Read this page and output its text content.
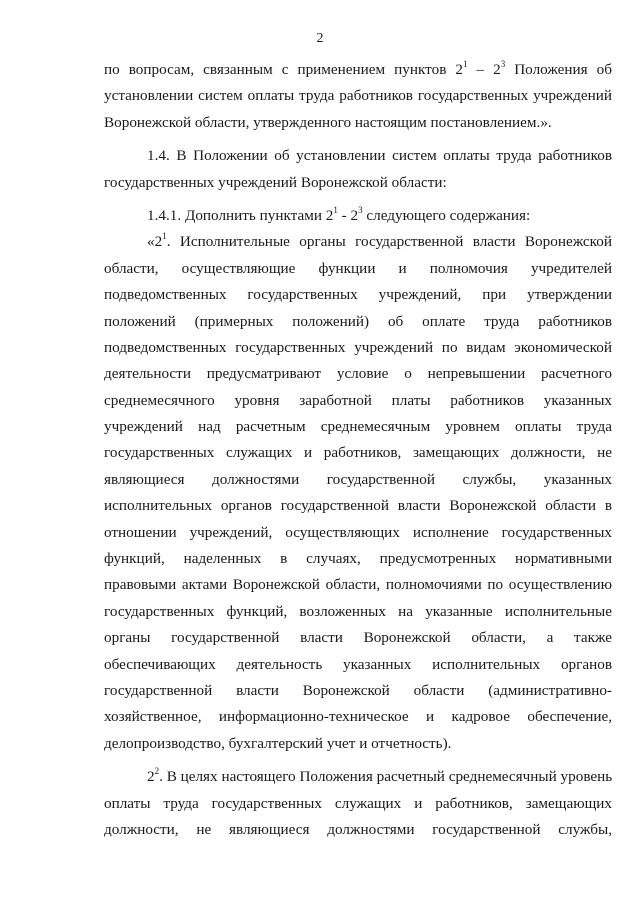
2
по вопросам, связанным с применением пунктов $2^1 - 2^3$ Положения об
установлении систем оплаты труда работников государственных учреждений
Воронежской области, утвержденного настоящим постановлением.».
1.4. В Положении об установлении систем оплаты труда работников
государственных учреждений Воронежской области:
1.4.1. Дополнить пунктами $2^1 - 2^3$ следующего содержания:
«$2^1$. Исполнительные органы государственной власти Воронежской
области, осуществляющие функции и полномочия учредителей
подведомственных государственных учреждений, при утверждении
положений (примерных положений) об оплате труда работников
подведомственных государственных учреждений по видам экономической
деятельности предусматривают условие о непревышении расчетного
среднемесячного уровня заработной платы работников указанных
учреждений над расчетным среднемесячным уровнем оплаты труда
государственных служащих и работников, замещающих должности, не
являющиеся должностями государственной службы, указанных
исполнительных органов государственной власти Воронежской области в
отношении учреждений, осуществляющих исполнение государственных
функций, наделенных в случаях, предусмотренных нормативными
правовыми актами Воронежской области, полномочиями по осуществлению
государственных функций, возложенных на указанные исполнительные
органы государственной власти Воронежской области, а также
обеспечивающих деятельность указанных исполнительных органов
государственной власти Воронежской области (административно-
хозяйственное, информационно-техническое и кадровое обеспечение,
делопроизводство, бухгалтерский учет и отчетность).
$2^2$. В целях настоящего Положения расчетный среднемесячный уровень
оплаты труда государственных служащих и работников, замещающих
должности, не являющиеся должностями государственной службы,
